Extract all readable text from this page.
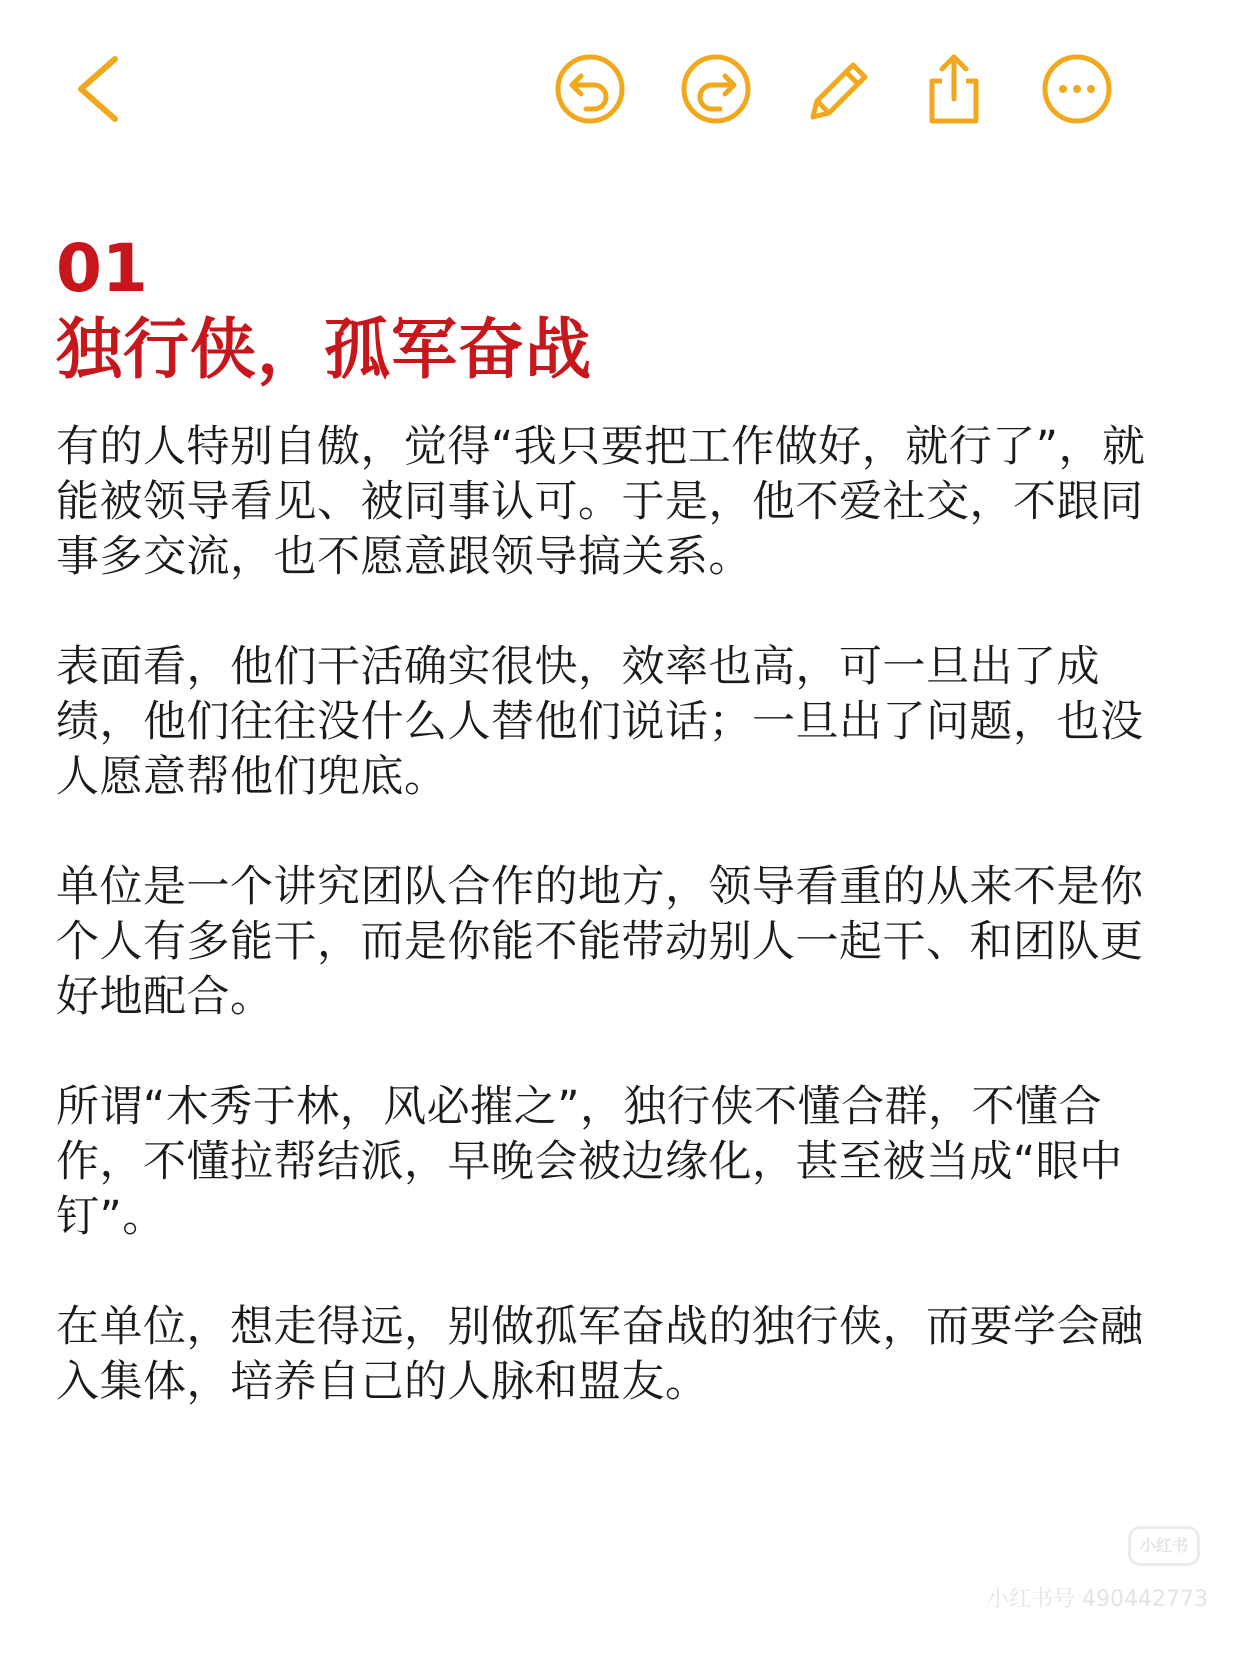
01
独行侠，孤军奋战

有的人特别自傲，觉得“我只要把工作做好，就行了”，就能被领导看见、被同事认可。于是，他不爱社交，不跟同事多交流，也不愿意跟领导搞关系。

表面看，他们干活确实很快，效率也高，可一旦出了成绩，他们往往没什么人替他们说话；一旦出了问题，也没人愿意帮他们兜底。

单位是一个讲究团队合作的地方，领导看重的从来不是你个人有多能干，而是你能不能带动别人一起干、和团队更好地配合。

所谓“木秀于林，风必摧之”，独行侠不懂合群，不懂合作，不懂拉帮结派，早晚会被边缘化，甚至被当成“眼中钉”。

在单位，想走得远，别做孤军奋战的独行侠，而要学会融入集体，培养自己的人脉和盟友。

小红书
小红书号 490442773
